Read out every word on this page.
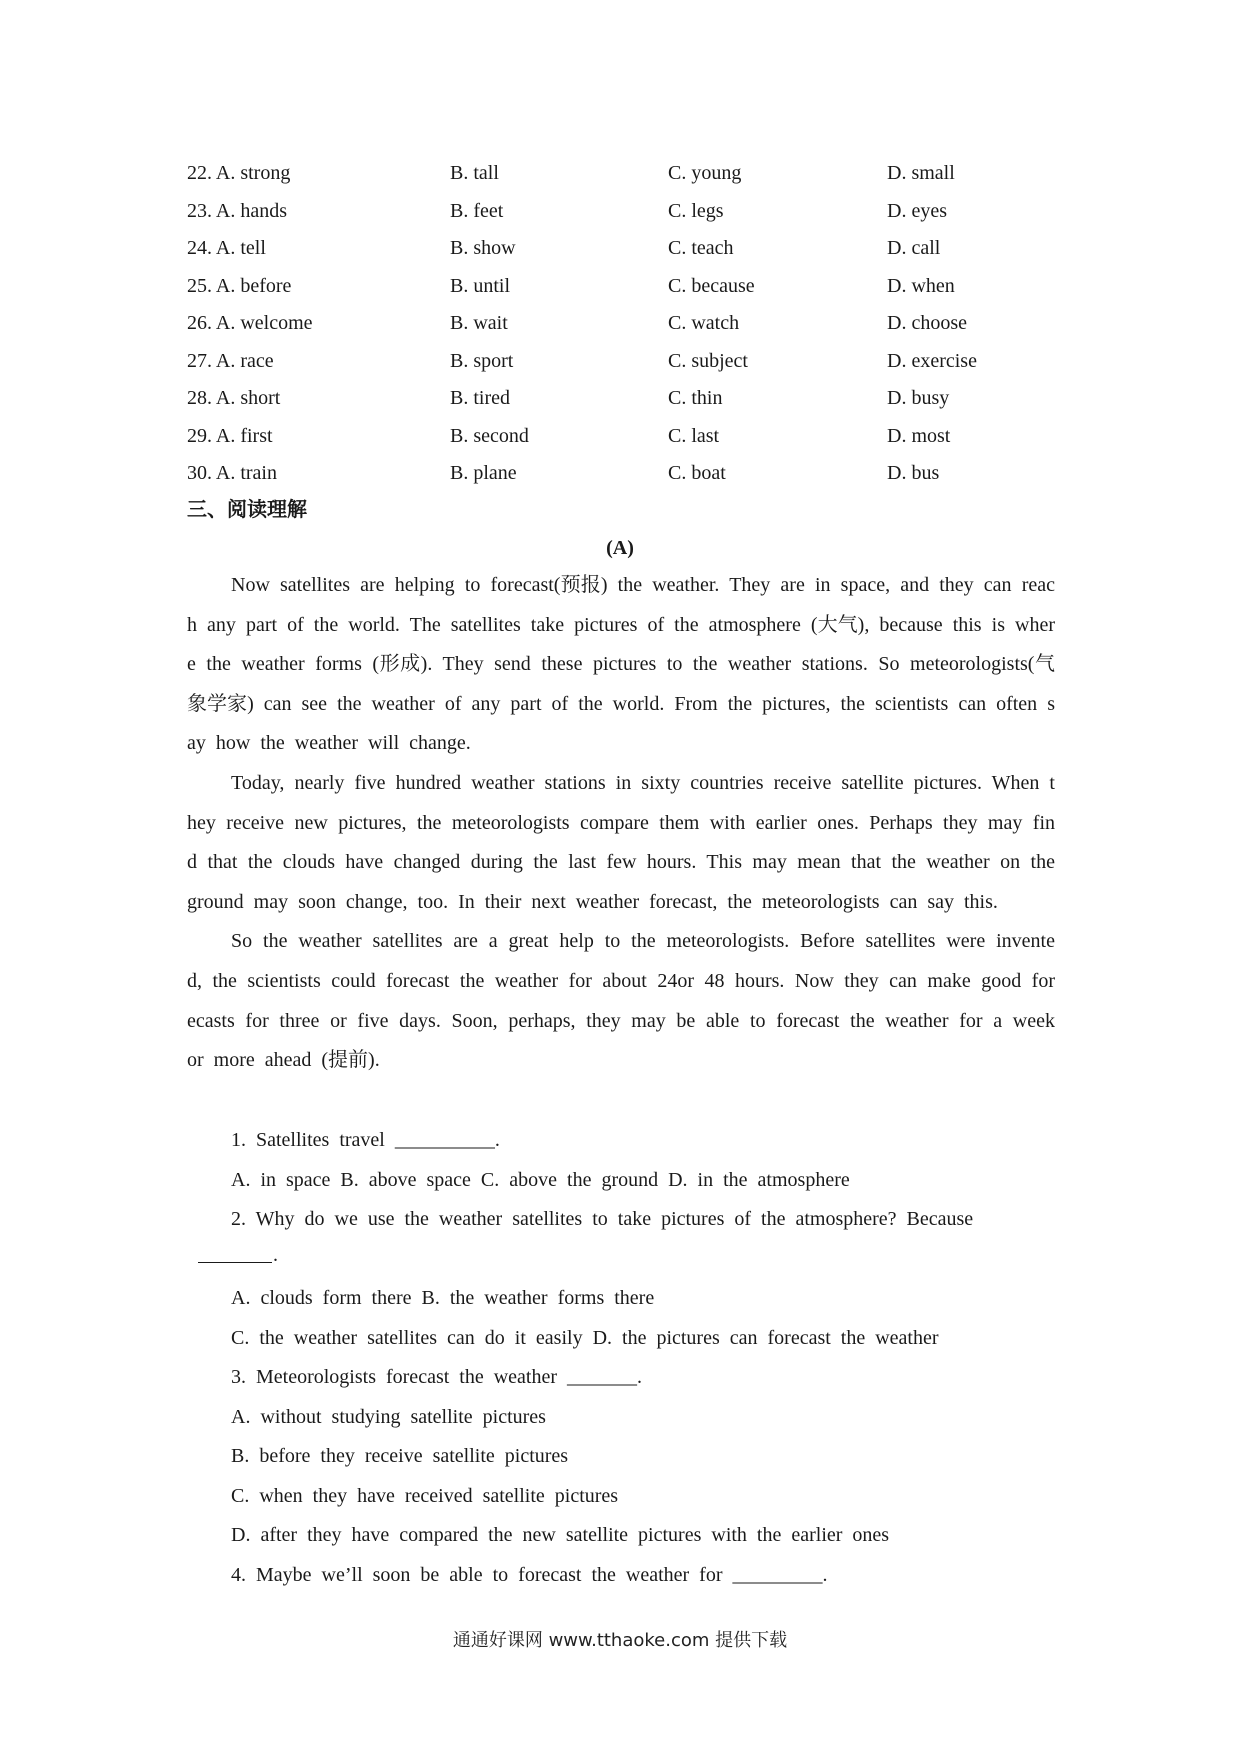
22. A. strong	B. tall	C. young	D. small
23. A. hands	B. feet	C. legs	D. eyes
24. A. tell	B. show	C. teach	D. call
25. A. before	B. until	C. because	D. when
26. A. welcome	B. wait	C. watch	D. choose
27. A. race	B. sport	C. subject	D. exercise
28. A. short	B. tired	C. thin	D. busy
29. A. first	B. second	C. last	D. most
30. A. train	B. plane	C. boat	D. bus
三、阅读理解
(A)

Now satellites are helping to forecast(预报) the weather. They are in space, and they can reach any part of the world. The satellites take pictures of the atmosphere (大气), because this is where the weather forms (形成). They send these pictures to the weather stations. So meteorologists(气象学家) can see the weather of any part of the world. From the pictures, the scientists can often say how the weather will change.

Today, nearly five hundred weather stations in sixty countries receive satellite pictures. When they receive new pictures, the meteorologists compare them with earlier ones. Perhaps they may find that the clouds have changed during the last few hours. This may mean that the weather on the ground may soon change, too. In their next weather forecast, the meteorologists can say this.

So the weather satellites are a great help to the meteorologists. Before satellites were invented, the scientists could forecast the weather for about 24or 48 hours. Now they can make good forecasts for three or five days. Soon, perhaps, they may be able to forecast the weather for a week or more ahead (提前).

1. Satellites travel __________.
A. in space B. above space C. above the ground D. in the atmosphere
2. Why do we use the weather satellites to take pictures of the atmosphere? Because
.
A. clouds form there B. the weather forms there
C. the weather satellites can do it easily D. the pictures can forecast the weather
3. Meteorologists forecast the weather _______.
A. without studying satellite pictures
B. before they receive satellite pictures
C. when they have received satellite pictures
D. after they have compared the new satellite pictures with the earlier ones
4. Maybe we’ll soon be able to forecast the weather for _________.
通通好课网 www.tthaoke.com 提供下载
